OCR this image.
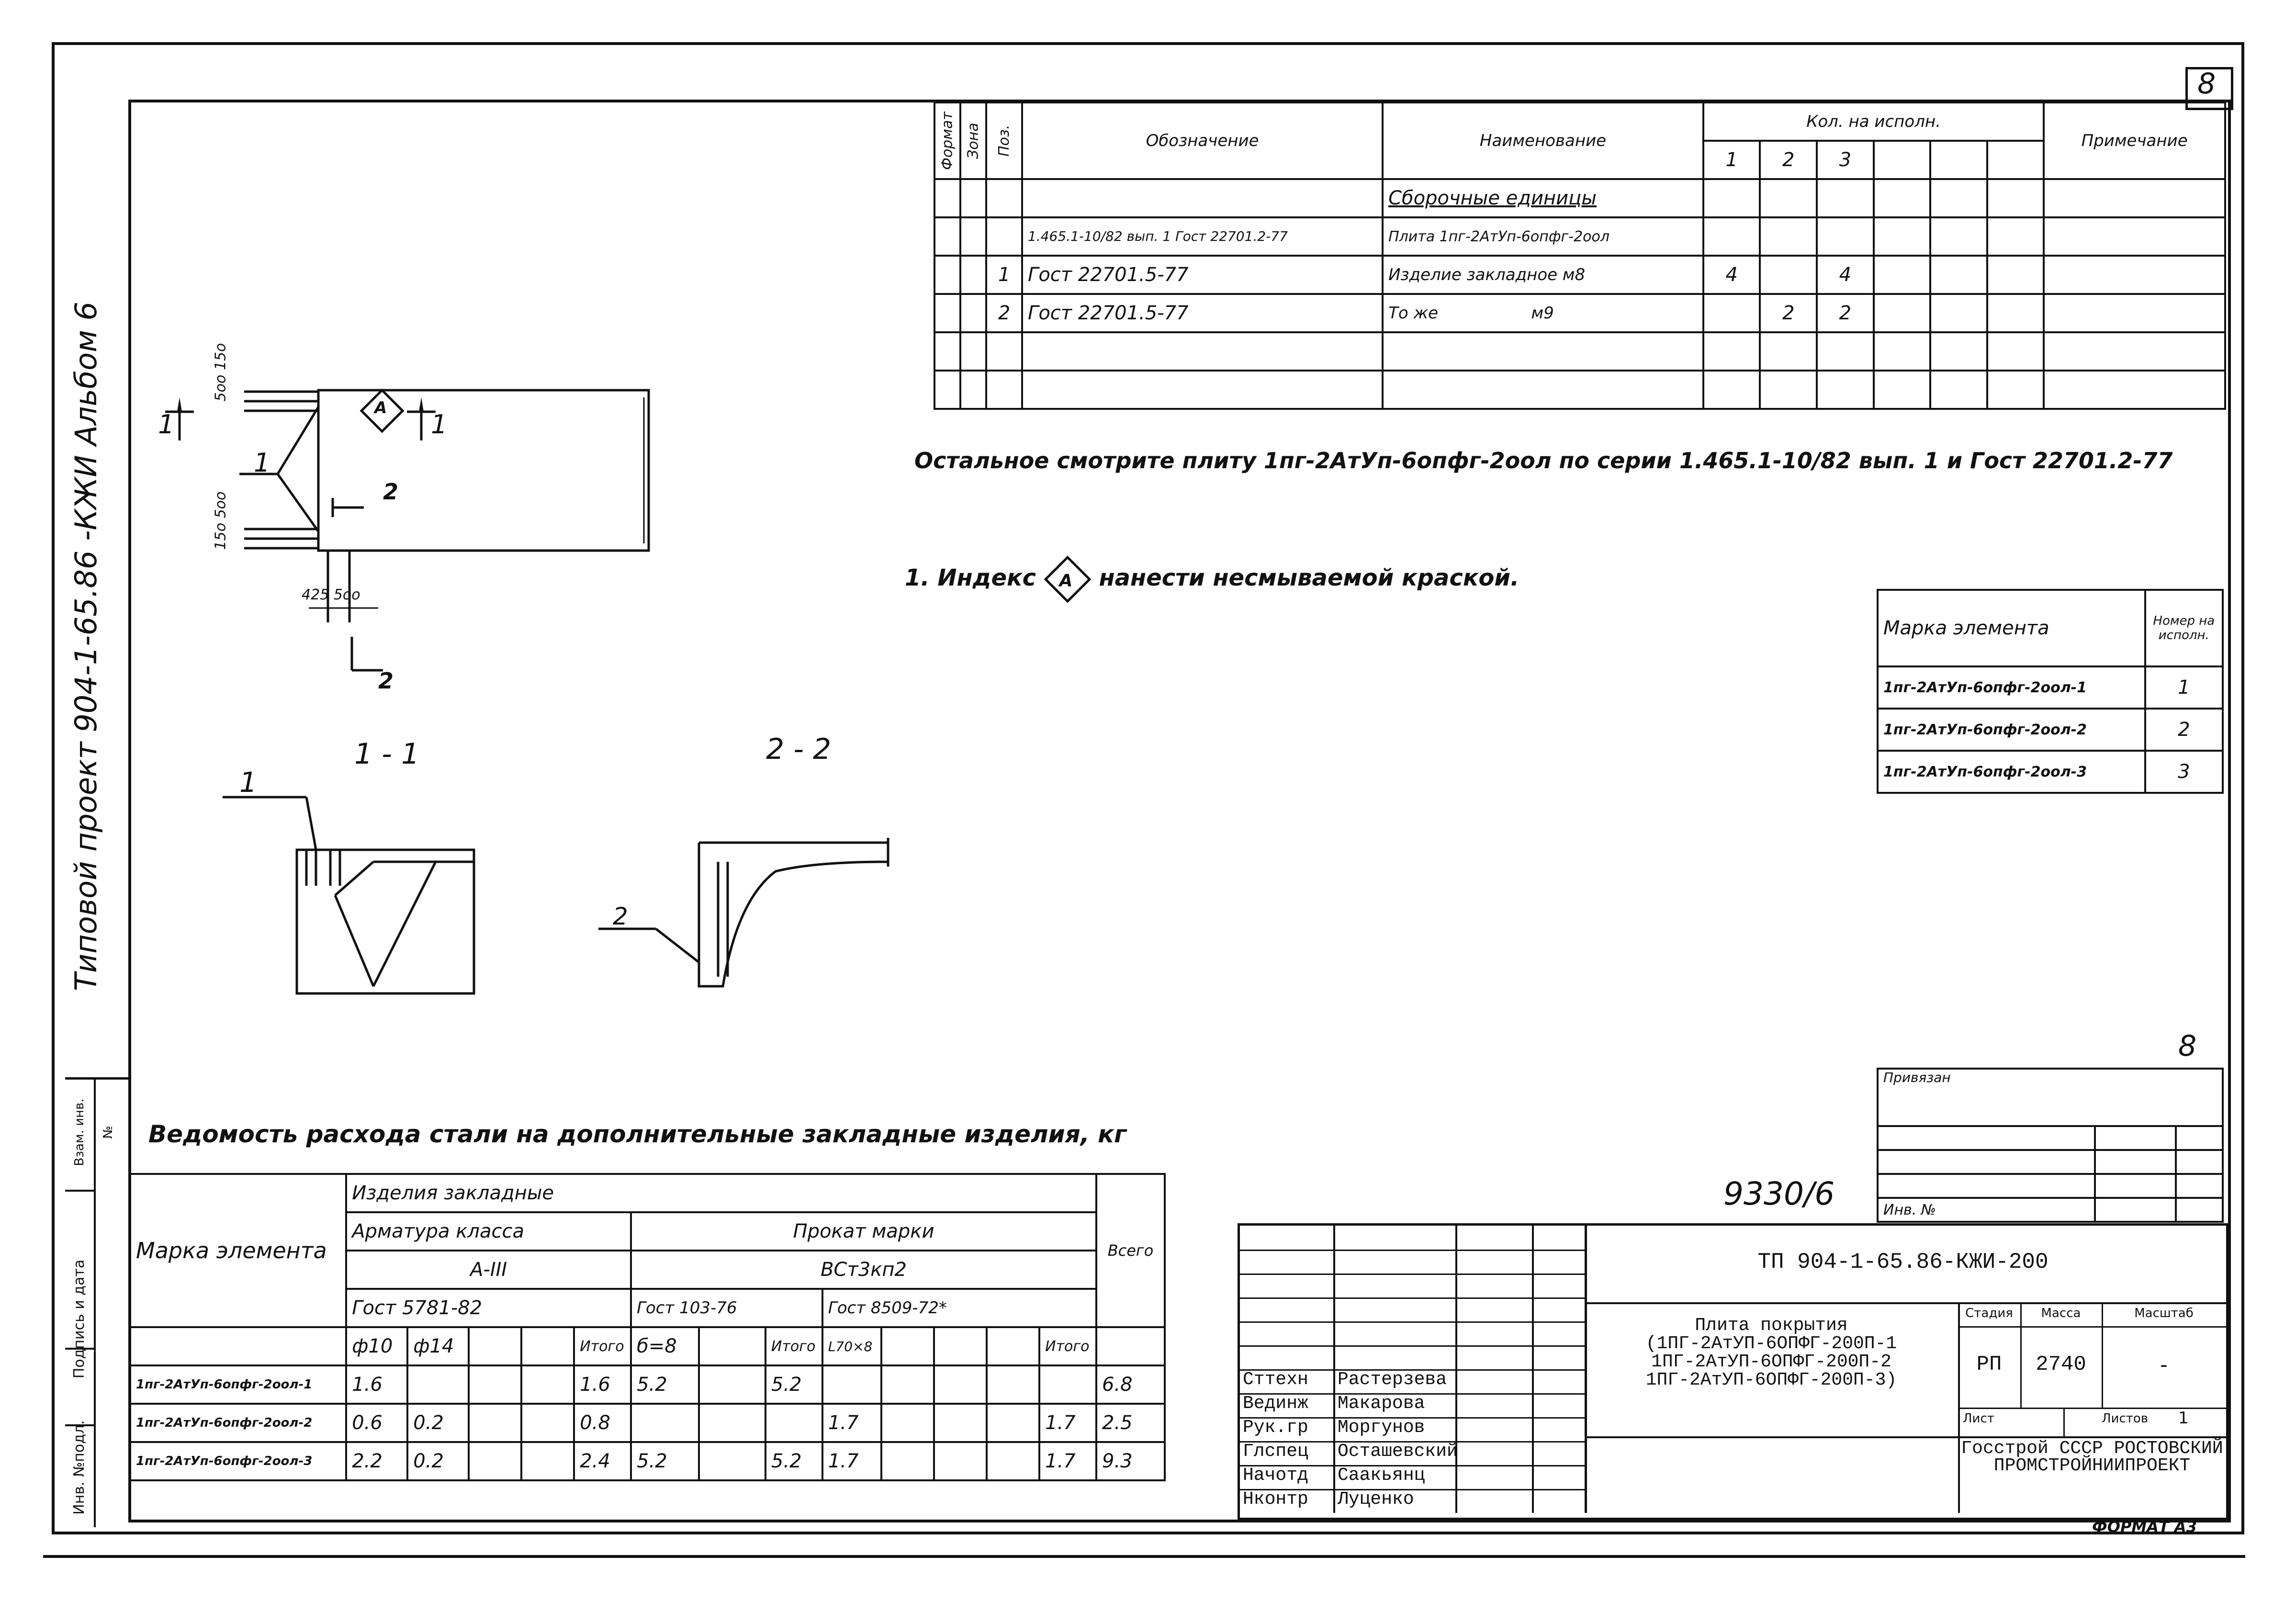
8
Типовой проект 904-1-65.86 -КЖИ Альбом 6
Инв. №подл.
Подпись и дата
Взам. инв. №
Формат	Зона	Поз.	Обозначение	Наименование	Кол. на исполн.						Примечание
					1	2	3				
				Сборочные единицы							
			1.465.1-10/82 вып. 1 Гост 22701.2-77	Плита 1пг-2АтУп-6опфг-2оол							
		1	Гост 22701.5-77	Изделие закладное м8	4		4				
		2	Гост 22701.5-77	То же                  м9		2	2				

Остальное смотрите плиту 1пг-2АтУп-6опфг-2оол по серии 1.465.1-10/82 вып. 1 и Гост 22701.2-77
1. Индекс А нанести несмываемой краской.
Марка элемента	Номер на исполн.
1пг-2АтУп-6опфг-2оол-1	1
1пг-2АтУп-6опфг-2оол-2	2
1пг-2АтУп-6опфг-2оол-3	3
А
5оо 15о
15о 5оо
425 5оо
1	1
2
2
1
1 - 1	2 - 2
1
2
Ведомость расхода стали на дополнительные закладные изделия, кг
Марка элемента	Изделия закладные													Всего
	Арматура класса					Прокат марки								
	А-III					ВСт3кп2								
	Гост 5781-82					Гост 103-76			Гост 8509-72*					
	ф10	ф14			Итого	б=8		Итого	L70×8				Итого	
1пг-2АтУп-6опфг-2оол-1	1.6				1.6	5.2		5.2						6.8
1пг-2АтУп-6опфг-2оол-2	0.6	0.2			0.8				1.7				1.7	2.5
1пг-2АтУп-6опфг-2оол-3	2.2	0.2			2.4	5.2		5.2	1.7				1.7	9.3
8
Привязан		

Инв. №		
9330/6
Сттехн Растерзева
Вединж Макарова
Рук.гр Моргунов
Глспец Осташевский
Начотд Саакьянц
Нконтр Луценко
ТП 904-1-65.86-КЖИ-200
Плита покрытия (1ПГ-2АтУП-6ОПФГ-200П-1 1ПГ-2АтУП-6ОПФГ-200П-2 1ПГ-2АтУП-6ОПФГ-200П-3)
Стадия	Масса	Масштаб
РП	2740	-
Лист	Листов 1
Госстрой СССР РОСТОВСКИЙ ПРОМСТРОЙНИИПРОЕКТ
ФОРМАТ А3
